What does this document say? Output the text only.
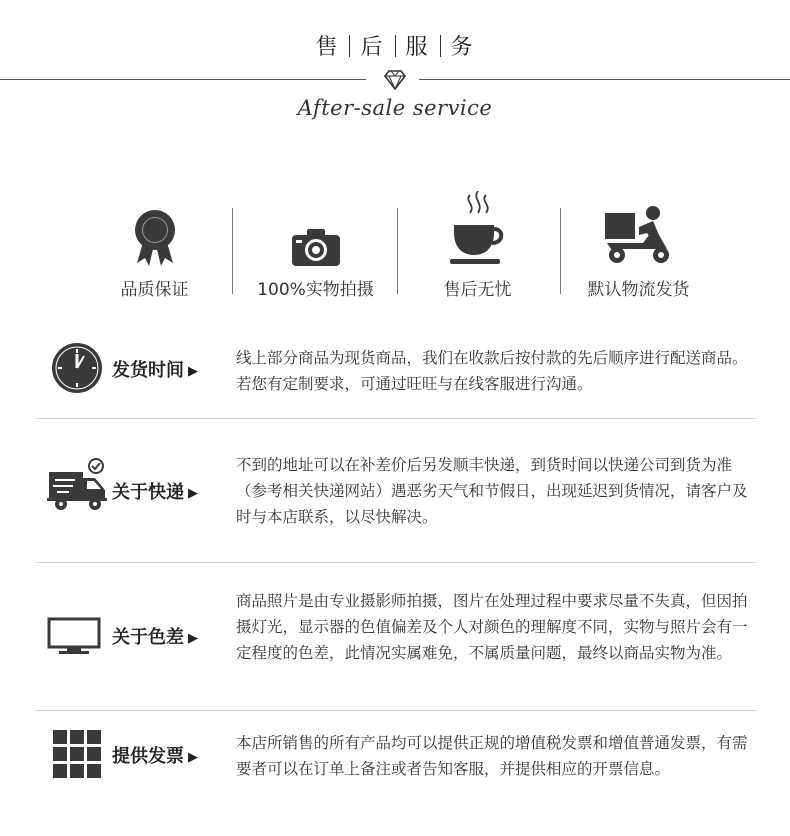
售 后 服 务
After-sale service
品质保证	100%实物拍摄	售后无忧	默认物流发货
发货时间 ▶
线上部分商品为现货商品，我们在收款后按付款的先后顺序进行配送商品。若您有定制要求，可通过旺旺与在线客服进行沟通。
关于快递 ▶
不到的地址可以在补差价后另发顺丰快递，到货时间以快递公司到货为准（参考相关快递网站）遇恶劣天气和节假日，出现延迟到货情况，请客户及时与本店联系，以尽快解决。
关于色差 ▶
商品照片是由专业摄影师拍摄，图片在处理过程中要求尽量不失真，但因拍摄灯光，显示器的色值偏差及个人对颜色的理解度不同，实物与照片会有一定程度的色差，此情况实属难免，不属质量问题，最终以商品实物为准。
提供发票 ▶
本店所销售的所有产品均可以提供正规的增值税发票和增值普通发票，有需要者可以在订单上备注或者告知客服，并提供相应的开票信息。
